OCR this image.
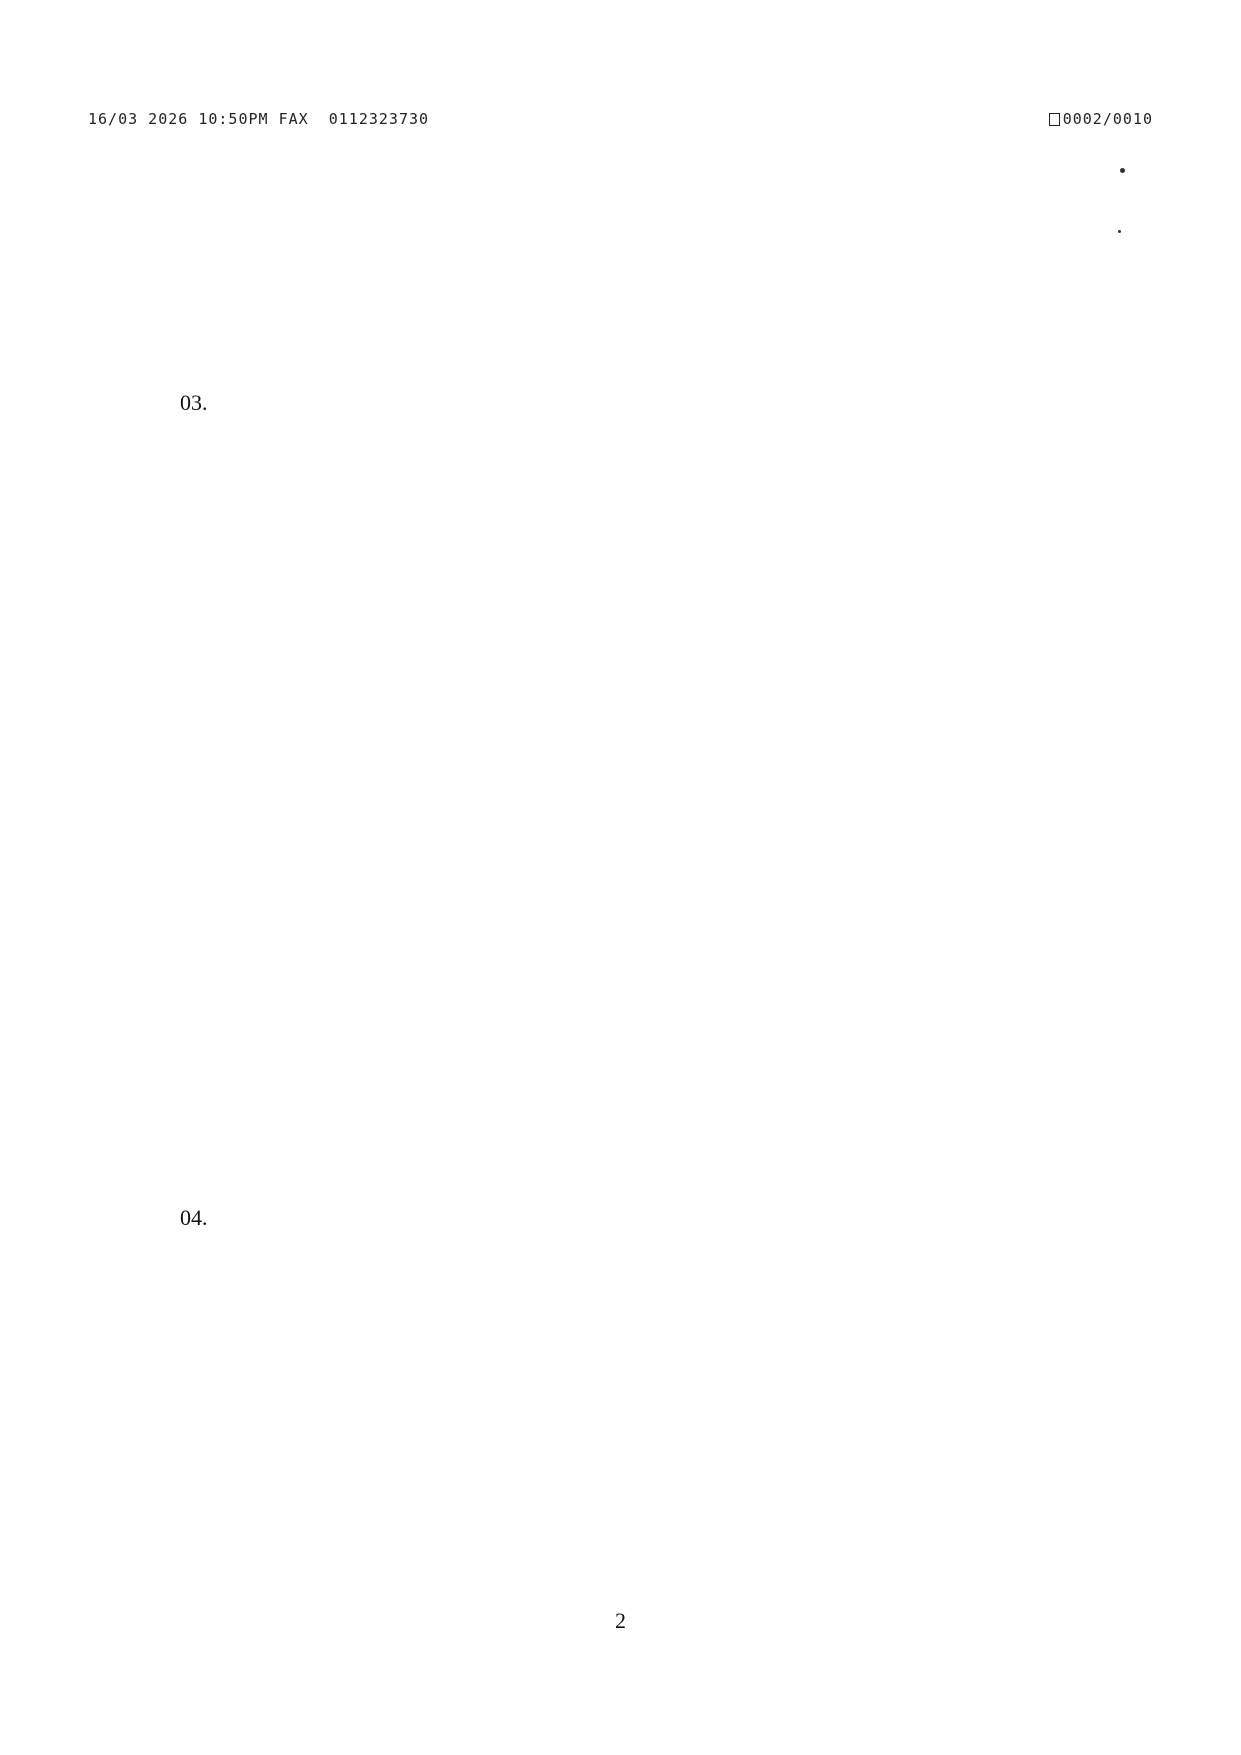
16/03 2026 10:50PM FAX 0112323730	0002/0010

03.

04.

2
